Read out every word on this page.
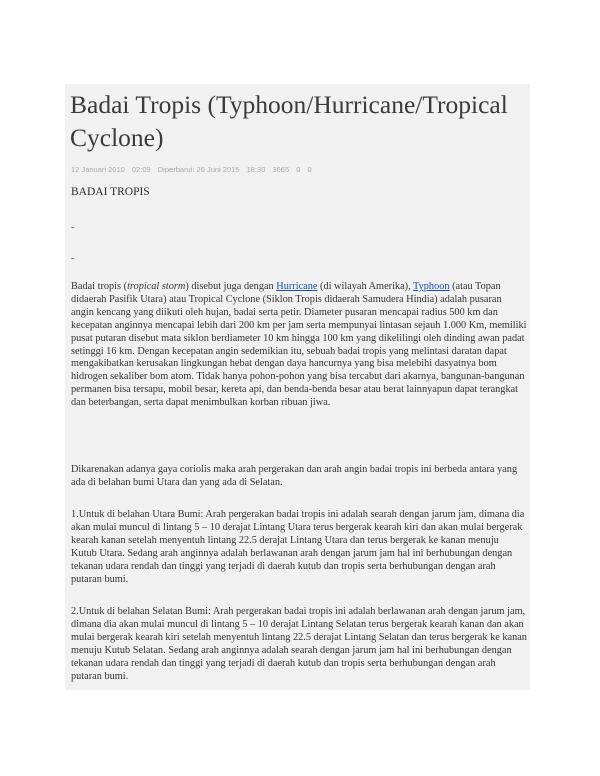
Badai Tropis (Typhoon/Hurricane/Tropical Cyclone)
12 Januari 2010 02:09 Diperbarui: 26 Juni 2015 18:30 3665 0 0
BADAI TROPIS
-
-

Badai tropis (tropical storm) disebut juga dengan Hurricane (di wilayah Amerika), Typhoon (atau Topan didaerah Pasifik Utara) atau Tropical Cyclone (Siklon Tropis didaerah Samudera Hindia) adalah pusaran angin kencang yang diikuti oleh hujan, badai serta petir. Diameter pusaran mencapai radius 500 km dan kecepatan anginnya mencapai lebih dari 200 km per jam serta mempunyai lintasan sejauh 1.000 Km, memiliki pusat putaran disebut mata siklon berdiameter 10 km hingga 100 km yang dikelilingi oleh dinding awan padat setinggi 16 km. Dengan kecepatan angin sedemikian itu, sebuah badai tropis yang melintasi daratan dapat mengakibatkan kerusakan lingkungan hebat dengan daya hancurnya yang bisa melebihi dasyatnya bom hidrogen sekaliber bom atom. Tidak hanya pohon-pohon yang bisa tercabut dari akarnya, bangunan-bangunan permanen bisa tersapu, mobil besar, kereta api, dan benda-benda besar atau berat lainnyapun dapat terangkat dan beterbangan, serta dapat menimbulkan korban ribuan jiwa.

Dikarenakan adanya gaya coriolis maka arah pergerakan dan arah angin badai tropis ini berbeda antara yang ada di belahan bumi Utara dan yang ada di Selatan.

1.Untuk di belahan Utara Bumi: Arah pergerakan badai tropis ini adalah searah dengan jarum jam, dimana dia akan mulai muncul di lintang 5 – 10 derajat Lintang Utara terus bergerak kearah kiri dan akan mulai bergerak kearah kanan setelah menyentuh lintang 22.5 derajat Lintang Utara dan terus bergerak ke kanan menuju Kutub Utara. Sedang arah anginnya adalah berlawanan arah dengan jarum jam hal ini berhubungan dengan tekanan udara rendah dan tinggi yang terjadi di daerah kutub dan tropis serta berhubungan dengan arah putaran bumi.

2.Untuk di belahan Selatan Bumi: Arah pergerakan badai tropis ini adalah berlawanan arah dengan jarum jam, dimana dia akan mulai muncul di lintang 5 – 10 derajat Lintang Selatan terus bergerak kearah kanan dan akan mulai bergerak kearah kiri setelah menyentuh lintang 22.5 derajat Lintang Selatan dan terus bergerak ke kanan menuju Kutub Selatan. Sedang arah anginnya adalah searah dengan jarum jam hal ini berhubungan dengan tekanan udara rendah dan tinggi yang terjadi di daerah kutub dan tropis serta berhubungan dengan arah putaran bumi.
